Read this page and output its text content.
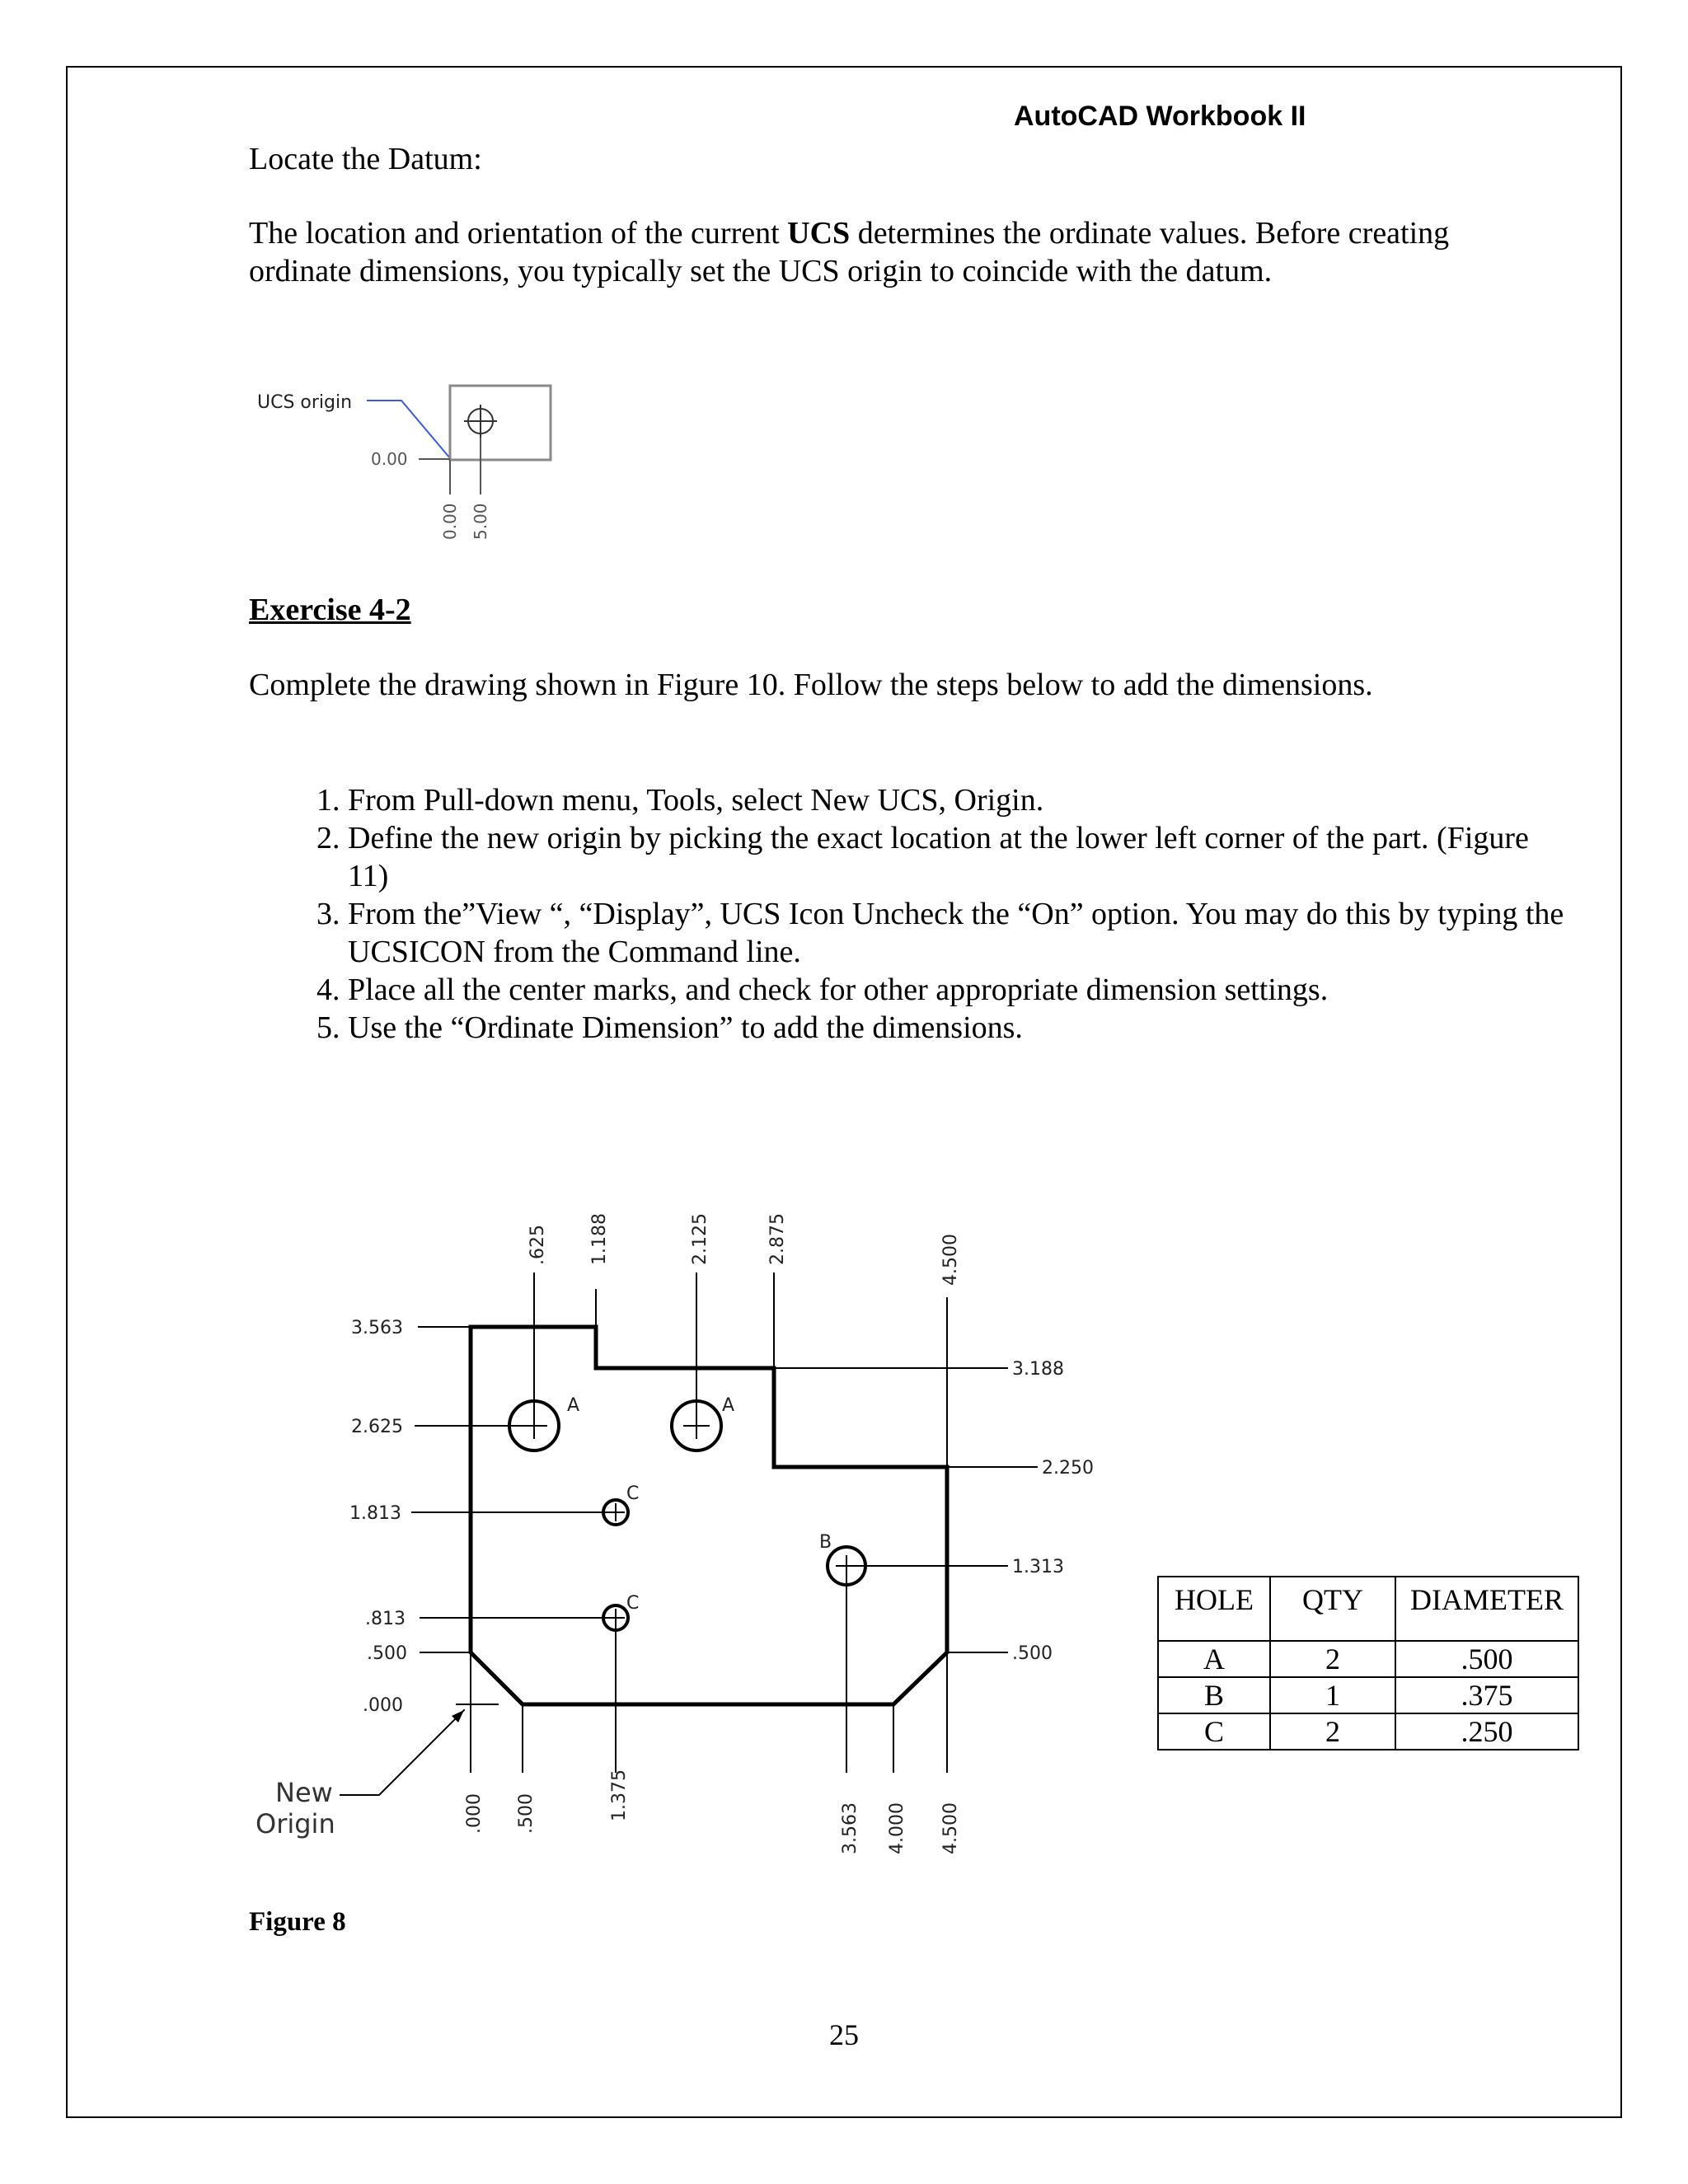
AutoCAD Workbook II
Locate the Datum:
The location and orientation of the current UCS determines the ordinate values. Before creating ordinate dimensions, you typically set the UCS origin to coincide with the datum.
Exercise 4-2
Complete the drawing shown in Figure 10. Follow the steps below to add the dimensions.
1. From Pull-down menu, Tools, select New UCS, Origin.
2. Define the new origin by picking the exact location at the lower left corner of the part. (Figure 11)
3. From the”View “, “Display”, UCS Icon Uncheck the “On” option. You may do this by typing the UCSICON from the Command line.
4. Place all the center marks, and check for other appropriate dimension settings.
5. Use the “Ordinate Dimension” to add the dimensions.
UCS origin
0.00
0.00 5.00
A	A
C
B
C
.625 1.188	2.125	2.875	4.500
.000 .500	1.375
3.563 4.000 4.500
3.563
2.625
1.813
.813
.500
.000
3.188
2.250
1.313
.500
New
Origin
HOLE	QTY	DIAMETER
A	2	.500
B	1	.375
C	2	.250
Figure 8
25
